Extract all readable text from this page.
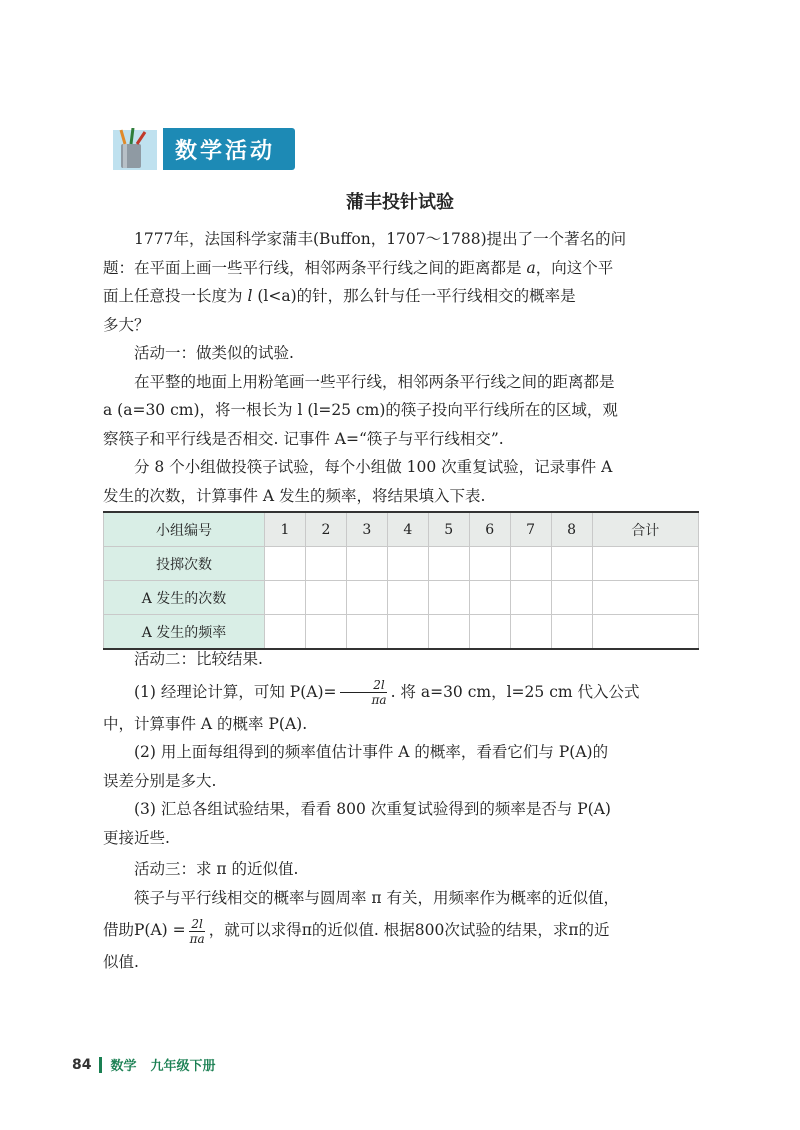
数学活动
蒲丰投针试验

1777年，法国科学家蒲丰(Buffon，1707～1788)提出了一个著名的问

题：在平面上画一些平行线，相邻两条平行线之间的距离都是 a，向这个平

面上任意投一长度为 l (l<a)的针，那么针与任一平行线相交的概率是

多大？

活动一：做类似的试验.

在平整的地面上用粉笔画一些平行线，相邻两条平行线之间的距离都是

a (a=30 cm)，将一根长为 l (l=25 cm)的筷子投向平行线所在的区域，观

察筷子和平行线是否相交. 记事件 A=“筷子与平行线相交”.

分 8 个小组做投筷子试验，每个小组做 100 次重复试验，记录事件 A

发生的次数，计算事件 A 发生的频率，将结果填入下表.

小组编号	1	2	3	4	5	6	7	8	合计
投掷次数									
A 发生的次数									
A 发生的频率									

活动二：比较结果.

(1) 经理论计算，可知 $P(A)= \frac{2l}{\pi a}$ . 将 a=30 cm，l=25 cm 代入公式

中，计算事件 A 的概率 P(A).

(2) 用上面每组得到的频率值估计事件 A 的概率，看看它们与 P(A)的

误差分别是多大.

(3) 汇总各组试验结果，看看 800 次重复试验得到的频率是否与 P(A)

更接近些.

活动三：求 π 的近似值.

筷子与平行线相交的概率与圆周率 π 有关，用频率作为概率的近似值，

借助$P(A) = \frac{2l}{\pi a}$ ，就可以求得π的近似值. 根据800次试验的结果，求π的近

似值.

84 数学 九年级下册
